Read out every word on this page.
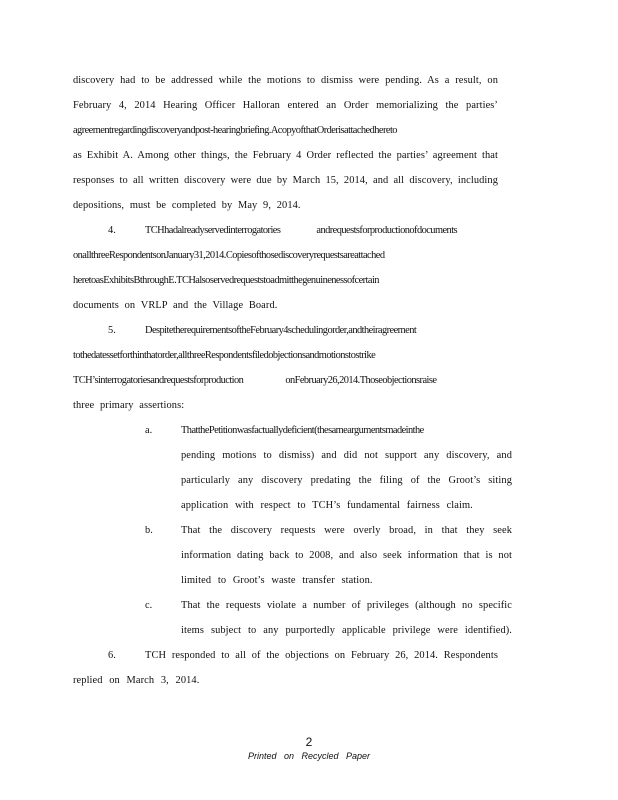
discovery had to be addressed while the motions to dismiss were pending. As a result, on
February 4, 2014 Hearing Officer Halloran entered an Order memorializing the parties’
agreementregardingdiscoveryandpost-hearingbriefing.AcopyofthatOrderisattachedhereto
as Exhibit A. Among other things, the February 4 Order reflected the parties’ agreement that
responses to all written discovery were due by March 15, 2014, and all discovery, including
depositions, must be completed by May 9, 2014.
4.	TCHhadalreadyservedinterrogatories andrequestsforproductionofdocuments
onallthreeRespondentsonJanuary31,2014.Copiesofthosediscoveryrequestsareattached
heretoasExhibitsBthroughE.TCHalsoservedrequeststoadmitthegenuinenessofcertain
documents on VRLP and the Village Board.
5.	DespitetherequirementsoftheFebruary4schedulingorder,andtheiragreement
tothedatessetforthinthatorder,allthreeRespondentsfiledobjectionsandmotionstostrike
TCH’sinterrogatoriesandrequestsforproduction onFebruary26,2014.Thoseobjectionsraise
three primary assertions:
a.	ThatthePetitionwasfactuallydeficient(thesameargumentsmadeinthe
pending motions to dismiss) and did not support any discovery, and
particularly any discovery predating the filing of the Groot’s siting
application with respect to TCH’s fundamental fairness claim.
b.	That the discovery requests were overly broad, in that they seek
information dating back to 2008, and also seek information that is not
limited to Groot’s waste transfer station.
c.	That the requests violate a number of privileges (although no specific
items subject to any purportedly applicable privilege were identified).
6.	TCH responded to all of the objections on February 26, 2014. Respondents
replied on March 3, 2014.
2
Printed on Recycled Paper
